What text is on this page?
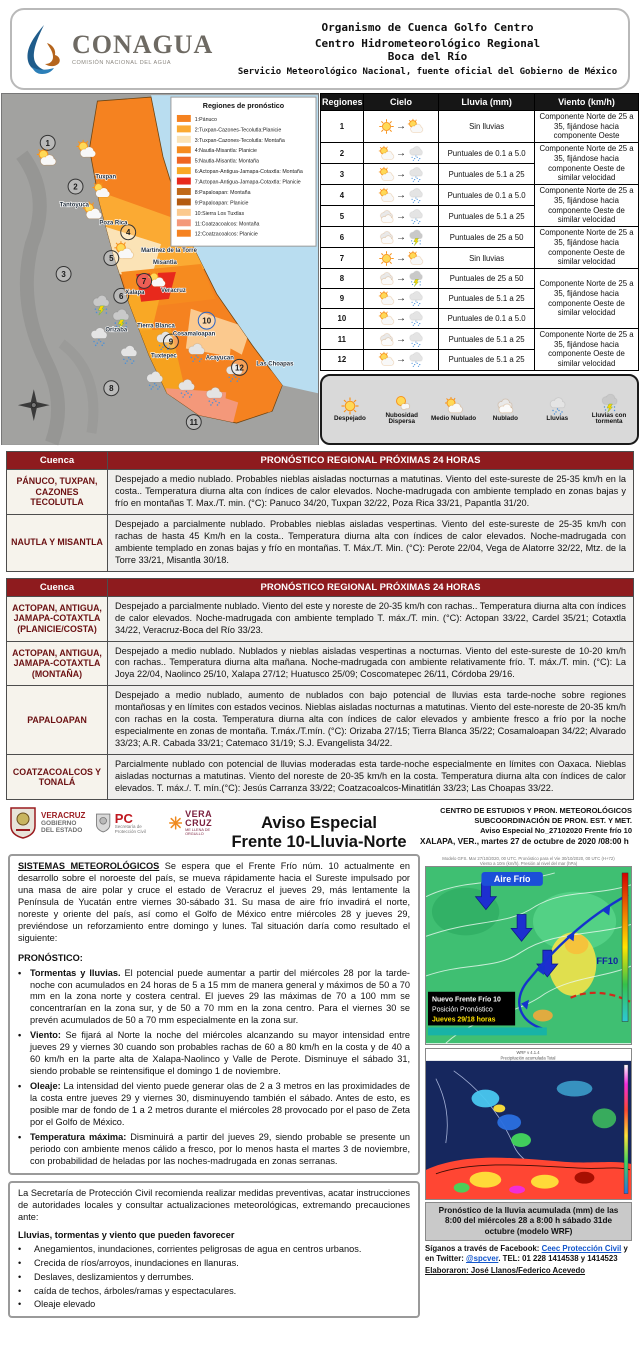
CONAGUA
COMISIÓN NACIONAL DEL AGUA
Organismo de Cuenca Golfo Centro
Centro Hidrometeorológico Regional
Boca del Río
Servicio Meteorológico Nacional, fuente oficial del Gobierno de México
1
2
3
4
5
6
7
8
9
10
11
12
Tantoyuca
Tuxpan
Poza Rica
Martínez de la Torre
Misantla
Xalapa	Veracruz
Orizaba
Tierra Blanca
Cosamaloapan
Tuxtepec	Acayucan
Las Choapas
Regiones de pronóstico
1:Pánuco
2:Tuxpan-Cazones-Tecolutla:Planicie
3:Tuxpan-Cazones-Tecolutla: Montaña
4:Nautla-Misantla: Planicie
5:Nautla-Misantla: Montaña
6:Actopan-Antigua-Jamapa-Cotaxtla: Montaña
7:Actopan-Antigua-Jamapa-Cotaxtla: Planicie
8:Papaloapan: Montaña
9:Papaloapan: Planicie
10:Sierra Los Tuxtlas
11:Coatzacoalcos: Montaña
12:Coatzacoalcos: Planicie
Regiones	Cielo	Lluvia (mm)	Viento (km/h)
1	→	Sin lluvias	Componente Norte de 25 a 35, fijándose hacia componente Oeste
2	→	Puntuales de 0.1 a 5.0	Componente Norte de 25 a 35, fijándose hacia componente Oeste de similar velocidad
3	→	Puntuales de 5.1 a 25	
4	→	Puntuales de 0.1 a 5.0	Componente Norte de 25 a 35, fijándose hacia componente Oeste de similar velocidad
5	→	Puntuales de 5.1 a 25	
6	→	Puntuales de 25 a 50	Componente Norte de 25 a 35, fijándose hacia componente Oeste de similar velocidad
7	→	Sin lluvias	
8	→	Puntuales de 25 a 50	Componente Norte de 25 a 35, fijándose hacia componente Oeste de similar velocidad
9	→	Puntuales de 5.1 a 25	
10	→	Puntuales de 0.1 a 5.0	
11	→	Puntuales de 5.1 a 25	Componente Norte de 25 a 35, fijándose hacia componente Oeste de similar velocidad
12	→	Puntuales de 5.1 a 25	
Despejado	Nubosidad Dispersa	Medio Nublado	Nublado	Lluvias	Lluvias con tormenta
Cuenca	PRONÓSTICO REGIONAL PRÓXIMAS 24 HORAS
PÁNUCO, TUXPAN, CAZONES TECOLUTLA	Despejado a medio nublado. Probables nieblas aisladas nocturnas a matutinas. Viento del este-sureste de 25-35 km/h en la costa.. Temperatura diurna alta con índices de calor elevados. Noche-madrugada con ambiente templado en zonas bajas y frío en montañas T. Max./T. min. (°C): Panuco 34/20, Tuxpan 32/22, Poza Rica 33/21, Papantla 31/20.
NAUTLA Y MISANTLA	Despejado a parcialmente nublado. Probables nieblas aisladas vespertinas. Viento del este-sureste de 25-35 km/h con rachas de hasta 45 Km/h en la costa.. Temperatura diurna alta con índices de calor elevados. Noche-madrugada con ambiente templado en zonas bajas y frío en montañas. T. Máx./T. Min. (°C): Perote 22/04, Vega de Alatorre 32/22, Mtz. de la Torre 33/21, Misantla 30/18.
Cuenca	PRONÓSTICO REGIONAL PRÓXIMAS 24 HORAS
ACTOPAN, ANTIGUA, JAMAPA-COTAXTLA (PLANICIE/COSTA)	Despejado a parcialmente nublado. Viento del este y noreste de 20-35 km/h con rachas.. Temperatura diurna alta con índices de calor elevados. Noche-madrugada con ambiente templado T. máx./T. min. (°C): Actopan 33/22, Cardel 35/21; Cotaxtla 34/22, Veracruz-Boca del Río 33/23.
ACTOPAN, ANTIGUA, JAMAPA-COTAXTLA (MONTAÑA)	Despejado a medio nublado. Nublados y nieblas aisladas vespertinas a nocturnas. Viento del este-sureste de 10-20 km/h con rachas.. Temperatura diurna alta mañana. Noche-madrugada con ambiente relativamente frío. T. máx./T. min. (°C): La Joya 22/04, Naolinco 25/10, Xalapa 27/12; Huatusco 25/09; Coscomatepec 26/11, Córdoba 29/16.
PAPALOAPAN	Despejado a medio nublado, aumento de nublados con bajo potencial de lluvias esta tarde-noche sobre regiones montañosas y en límites con estados vecinos. Nieblas aisladas nocturnas a matutinas. Viento del este-noreste de 20-35 km/h con rachas en la costa. Temperatura diurna alta con índices de calor elevados y ambiente fresco a frío por la noche especialmente en zonas de montaña. T.máx./T.mín. (°C): Orizaba 27/15; Tierra Blanca 35/22; Cosamaloapan 34/22; Alvarado 33/23; A.R. Cabada 33/21; Catemaco 31/19; S.J. Evangelista 34/22.
COATZACOALCOS Y TONALÁ	Parcialmente nublado con potencial de lluvias moderadas esta tarde-noche especialmente en límites con Oaxaca. Nieblas aisladas nocturnas a matutinas. Viento del noreste de 20-35 km/h en la costa. Temperatura diurna alta con índices de calor elevados. T. máx./. T. mín.(°C): Jesús Carranza 33/22; Coatzacoalcos-Minatitlán 33/23; Las Choapas 33/22.
VERACRUZ
GOBIERNO
DEL ESTADO
PC
Secretaría de Protección Civil
VERA
CRUZ
ME LLENA DE ORGULLO
Aviso Especial
Frente 10-Lluvia-Norte
CENTRO DE ESTUDIOS Y PRON. METEOROLÓGICOS
SUBCOORDINACIÓN DE PRON. EST. Y MET.
Aviso Especial No_27102020 Frente frío 10
XALAPA, VER., martes 27 de octubre de 2020 /08:00 h
SISTEMAS METEOROLÓGICOS Se espera que el Frente Frío núm. 10 actualmente en desarrollo sobre el noroeste del país, se mueva rápidamente hacia el Sureste impulsado por una masa de aire polar y cruce el estado de Veracruz el jueves 29, más lentamente la Península de Yucatán entre viernes 30-sábado 31. Su masa de aire frío invadirá el norte, noreste y oriente del país, así como el Golfo de México entre miércoles 28 y jueves 29, previéndose un reforzamiento entre domingo y lunes. Tal situación daría como resultado el siguiente:
PRONÓSTICO:
• Tormentas y lluvias. El potencial puede aumentar a partir del miércoles 28 por la tarde-noche con acumulados en 24 horas de 5 a 15 mm de manera general y máximos de 50 a 70 mm en la zona norte y costera central. El jueves 29 las máximas de 70 a 100 mm se concentrarían en la zona sur, y de 50 a 70 mm en la zona centro. Para el viernes 30 se prevén acumulados de 50 a 70 mm especialmente en la zona sur.
• Viento: Se fijará al Norte la noche del miércoles alcanzando su mayor intensidad entre jueves 29 y viernes 30 cuando son probables rachas de 60 a 80 km/h en la costa y de 40 a 60 km/h en la parte alta de Xalapa-Naolinco y Valle de Perote. Disminuye el sábado 31, siendo probable se reintensifique el domingo 1 de noviembre.
• Oleaje: La intensidad del viento puede generar olas de 2 a 3 metros en las proximidades de la costa entre jueves 29 y viernes 30, disminuyendo también el sábado. Antes de esto, es posible mar de fondo de 1 a 2 metros durante el miércoles 28 provocado por el paso de Zeta por el Golfo de México.
• Temperatura máxima: Disminuirá a partir del jueves 29, siendo probable se presente un periodo con ambiente menos cálido a fresco, por lo menos hasta el martes 3 de noviembre, con probabilidad de heladas por las noches-madrugada en zonas serranas.
La Secretaría de Protección Civil recomienda realizar medidas preventivas, acatar instrucciones de autoridades locales y consultar actualizaciones meteorológicas, extremando precauciones ante:
Lluvias, tormentas y viento que pueden favorecer
•	Anegamientos, inundaciones, corrientes peligrosas de agua en centros urbanos.
•	Crecida de ríos/arroyos, inundaciones en llanuras.
•	Deslaves, deslizamientos y derrumbes.
•	caída de techos, árboles/ramas y espectaculares.
•	Oleaje elevado
Modelo GFS. Mar 27/10/2020, 00 UTC. Pronóstico para el Vie 30/10/2020, 00 UTC (H+72)
Viento a 10m (km/h). Presión al nivel del mar (hPa)
Aire Frío
FF10
Nuevo Frente Frío 10
Posición Pronóstico
Jueves 29/18 horas
WRF v 4.1.4
Precipitación acumulada Total
Pronóstico de la lluvia acumulada (mm) de las 8:00 del miércoles 28 a 8:00 h sábado 31de octubre (modelo WRF)
Síganos a través de Facebook: Ceec Protección Civil y en Twitter: @spcver. TEL: 01 228 1414538 y 1414523
Elaboraron: José Llanos/Federico Acevedo
